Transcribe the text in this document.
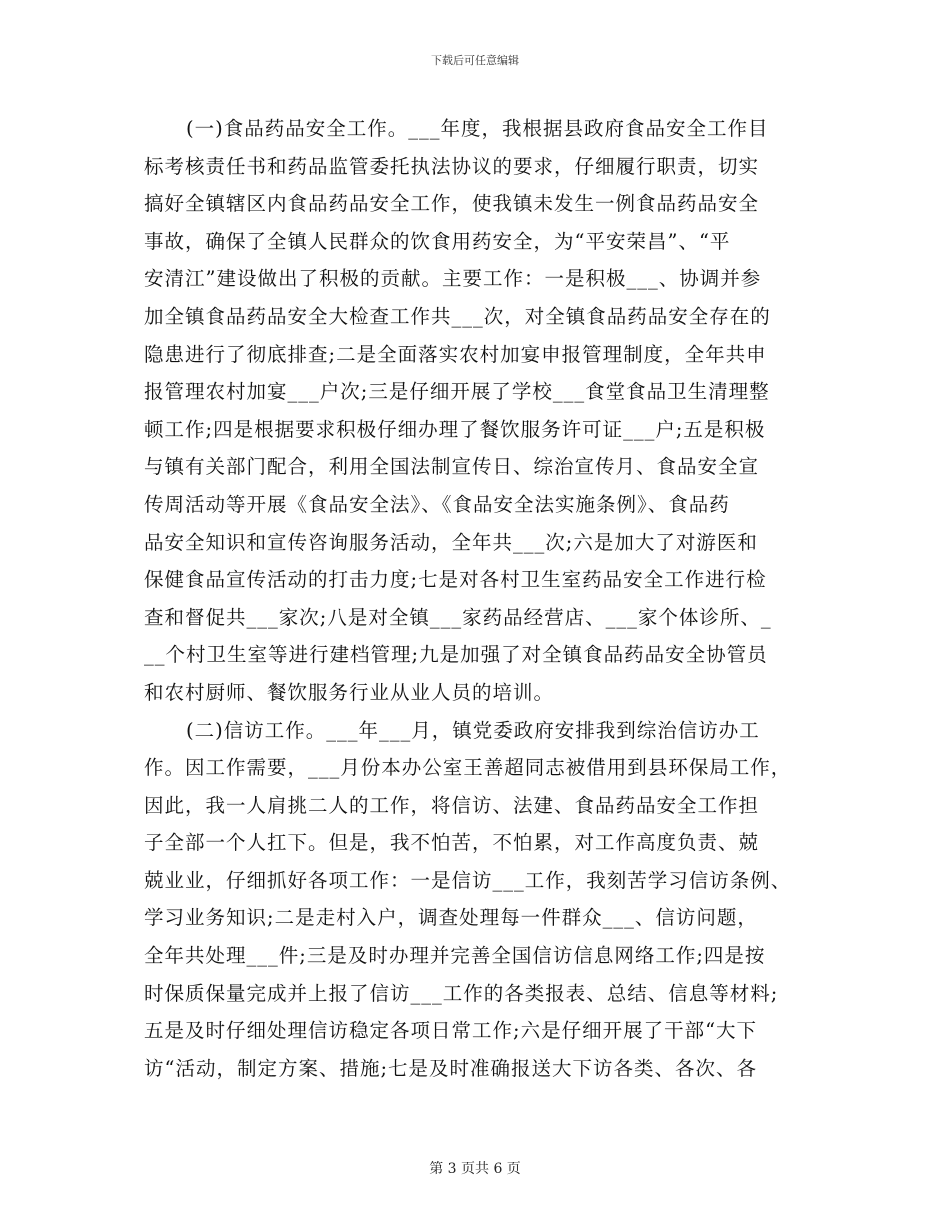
下载后可任意编辑
(一)食品药品安全工作。___年度，我根据县政府食品安全工作目
标考核责任书和药品监管委托执法协议的要求，仔细履行职责，切实
搞好全镇辖区内食品药品安全工作，使我镇未发生一例食品药品安全
事故，确保了全镇人民群众的饮食用药安全，为“平安荣昌”、“平
安清江”建设做出了积极的贡献。主要工作：一是积极___、协调并参
加全镇食品药品安全大检查工作共___次，对全镇食品药品安全存在的
隐患进行了彻底排查;二是全面落实农村加宴申报管理制度，全年共申
报管理农村加宴___户次;三是仔细开展了学校___食堂食品卫生清理整
顿工作;四是根据要求积极仔细办理了餐饮服务许可证___户;五是积极
与镇有关部门配合，利用全国法制宣传日、综治宣传月、食品安全宣
传周活动等开展《食品安全法》、《食品安全法实施条例》、食品药
品安全知识和宣传咨询服务活动，全年共___次;六是加大了对游医和
保健食品宣传活动的打击力度;七是对各村卫生室药品安全工作进行检
查和督促共___家次;八是对全镇___家药品经营店、___家个体诊所、_
__个村卫生室等进行建档管理;九是加强了对全镇食品药品安全协管员
和农村厨师、餐饮服务行业从业人员的培训。
(二)信访工作。___年___月，镇党委政府安排我到综治信访办工
作。因工作需要，___月份本办公室王善超同志被借用到县环保局工作，
因此，我一人肩挑二人的工作，将信访、法建、食品药品安全工作担
子全部一个人扛下。但是，我不怕苦，不怕累，对工作高度负责、兢
兢业业，仔细抓好各项工作：一是信访___工作，我刻苦学习信访条例、
学习业务知识;二是走村入户，调查处理每一件群众___、信访问题，
全年共处理___件;三是及时办理并完善全国信访信息网络工作;四是按
时保质保量完成并上报了信访___工作的各类报表、总结、信息等材料;
五是及时仔细处理信访稳定各项日常工作;六是仔细开展了干部“大下
访“活动，制定方案、措施;七是及时准确报送大下访各类、各次、各
第 3 页共 6 页
